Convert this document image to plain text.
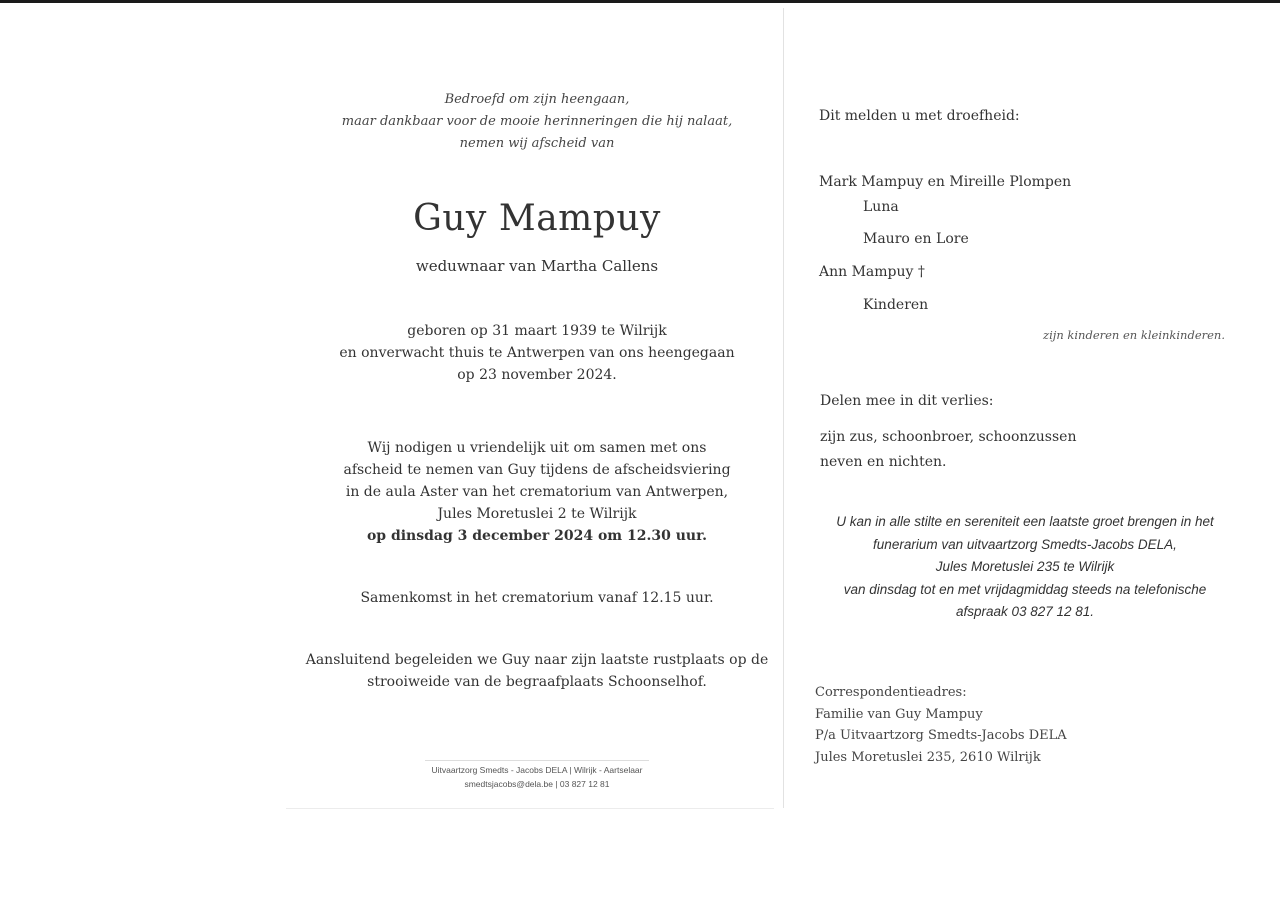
Bedroefd om zijn heengaan,
maar dankbaar voor de mooie herinneringen die hij nalaat,
nemen wij afscheid van
Guy Mampuy
weduwnaar van Martha Callens
geboren op 31 maart 1939 te Wilrijk
en onverwacht thuis te Antwerpen van ons heengegaan
op 23 november 2024.
Wij nodigen u vriendelijk uit om samen met ons
afscheid te nemen van Guy tijdens de afscheidsviering
in de aula Aster van het crematorium van Antwerpen,
Jules Moretuslei 2 te Wilrijk
op dinsdag 3 december 2024 om 12.30 uur.
Samenkomst in het crematorium vanaf 12.15 uur.
Aansluitend begeleiden we Guy naar zijn laatste rustplaats op de
strooiweide van de begraafplaats Schoonselhof.
Uitvaartzorg Smedts - Jacobs DELA | Wilrijk - Aartselaar
smedtsjacobs@dela.be | 03 827 12 81
Dit melden u met droefheid:
Mark Mampuy en Mireille Plompen
Luna
Mauro en Lore
Ann Mampuy †
Kinderen
zijn kinderen en kleinkinderen.
Delen mee in dit verlies:
zijn zus, schoonbroer, schoonzussen
neven en nichten.
U kan in alle stilte en sereniteit een laatste groet brengen in het
funerarium van uitvaartzorg Smedts-Jacobs DELA,
Jules Moretuslei 235 te Wilrijk
van dinsdag tot en met vrijdagmiddag steeds na telefonische
afspraak 03 827 12 81.
Correspondentieadres:
Familie van Guy Mampuy
P/a Uitvaartzorg Smedts-Jacobs DELA
Jules Moretuslei 235, 2610 Wilrijk
